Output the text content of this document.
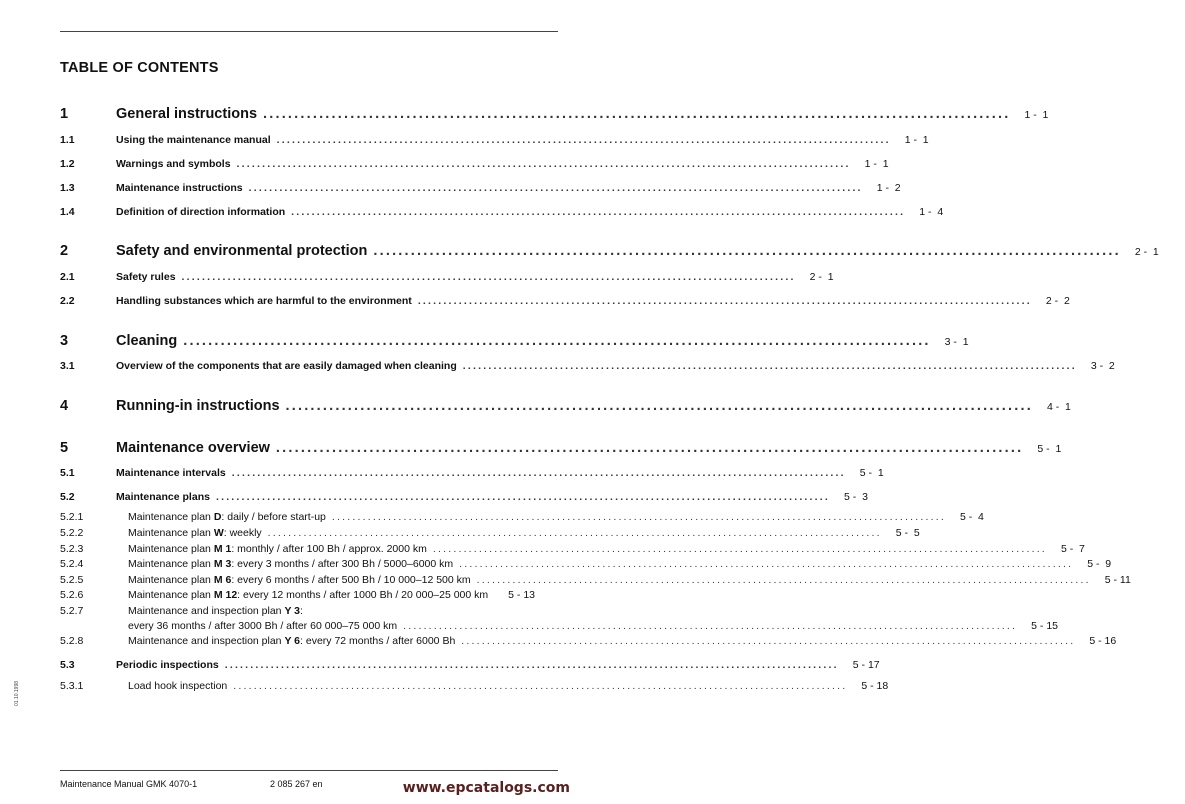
TABLE OF CONTENTS
1	General instructions ........................................................................................................................	1 -  1
1.1	Using the maintenance manual ........................................................................................................................	1 -  1
1.2	Warnings and symbols ........................................................................................................................	1 -  1
1.3	Maintenance instructions ........................................................................................................................	1 -  2
1.4	Definition of direction information ........................................................................................................................	1 -  4
2	Safety and environmental protection ........................................................................................................................	2 -  1
2.1	Safety rules ........................................................................................................................	2 -  1
2.2	Handling substances which are harmful to the environment ........................................................................................................................	2 -  2
3	Cleaning ........................................................................................................................	3 -  1
3.1	Overview of the components that are easily damaged when cleaning ........................................................................................................................	3 -  2
4	Running-in instructions ........................................................................................................................	4 -  1
5	Maintenance overview ........................................................................................................................	5 -  1
5.1	Maintenance intervals ........................................................................................................................	5 -  1
5.2	Maintenance plans ........................................................................................................................	5 -  3
5.2.1	Maintenance plan D: daily / before start-up ........................................................................................................................	5 -  4
5.2.2	Maintenance plan W: weekly ........................................................................................................................	5 -  5
5.2.3	Maintenance plan M 1: monthly / after 100 Bh / approx. 2000 km ........................................................................................................................	5 -  7
5.2.4	Maintenance plan M 3: every 3 months / after 300 Bh / 5000–6000 km ........................................................................................................................	5 -  9
5.2.5	Maintenance plan M 6: every 6 months / after 500 Bh / 10 000–12 500 km ........................................................................................................................	5 - 11
5.2.6	Maintenance plan M 12: every 12 months / after 1000 Bh / 20 000–25 000 km	5 - 13
5.2.7	Maintenance and inspection plan Y 3:
every 36 months / after 3000 Bh / after 60 000–75 000 km ........................................................................................................................	5 - 15
5.2.8	Maintenance and inspection plan Y 6: every 72 months / after 6000 Bh ........................................................................................................................	5 - 16
5.3	Periodic inspections ........................................................................................................................	5 - 17
5.3.1	Load hook inspection ........................................................................................................................	5 - 18
01.10.1998
Maintenance Manual GMK 4070-1	2 085 267 en	www.epcatalogs.com
